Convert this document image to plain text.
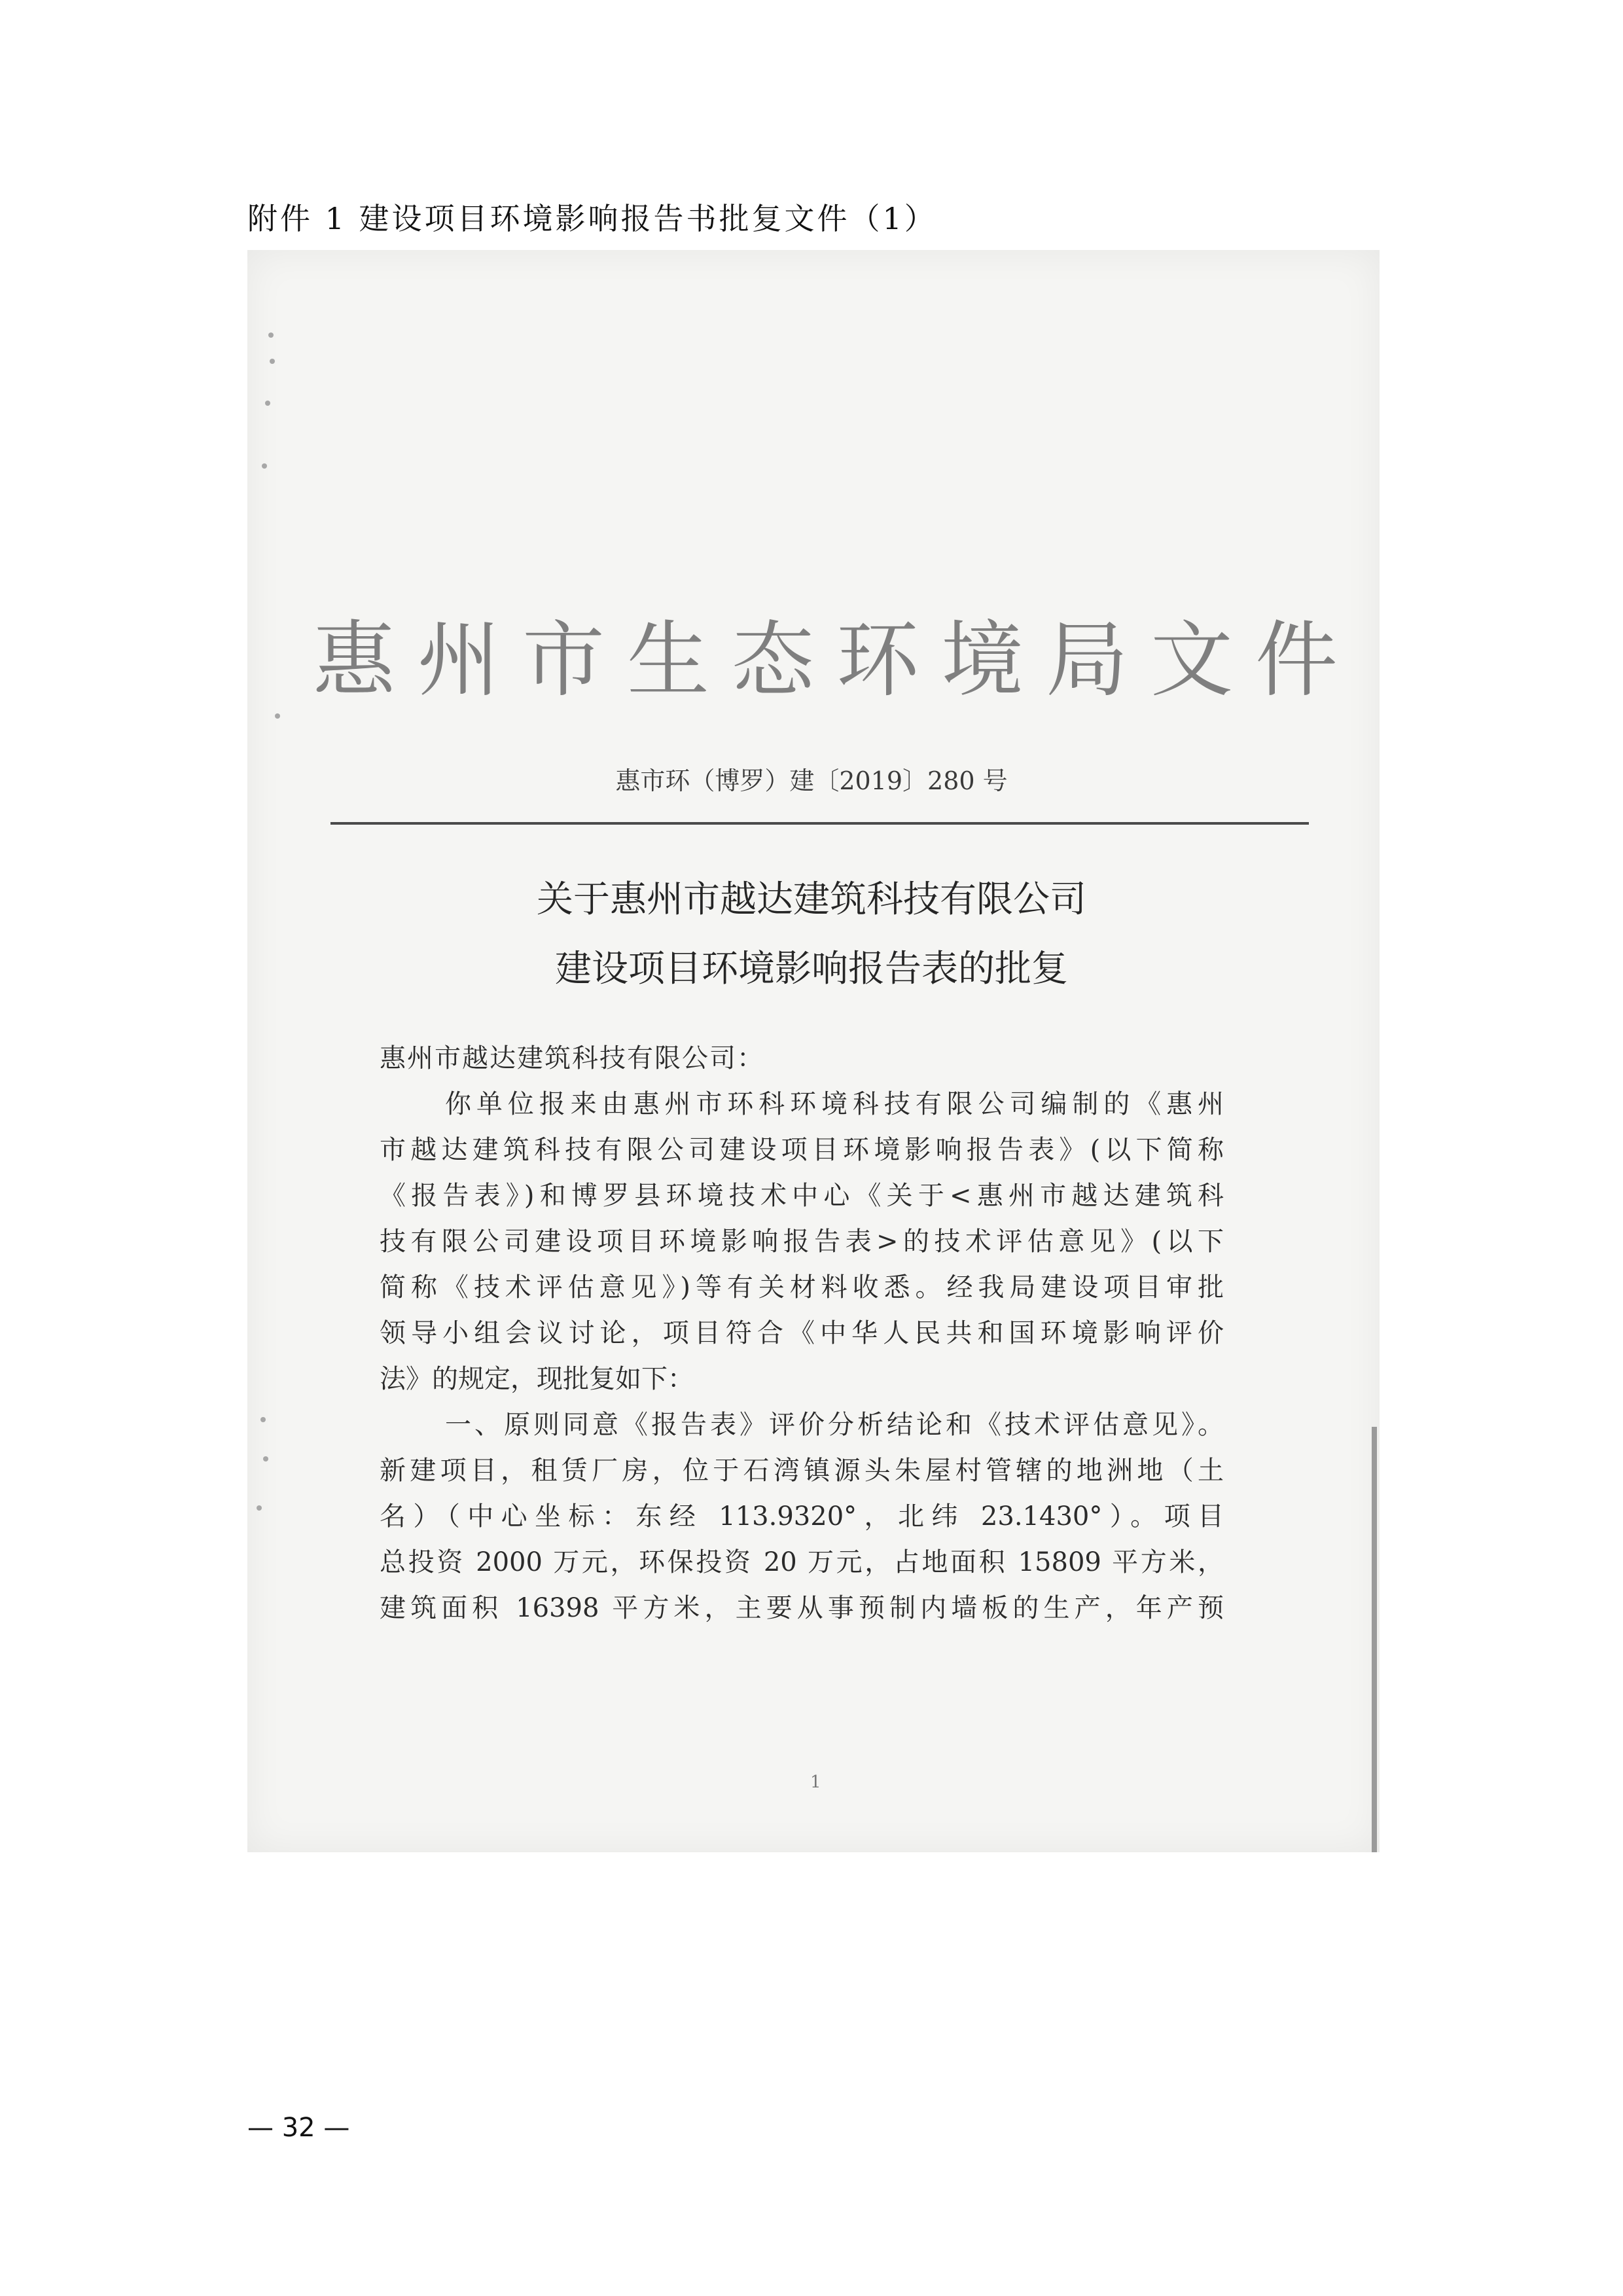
附件 1 建设项目环境影响报告书批复文件（1）
惠州市生态环境局文件
惠市环（博罗）建〔2019〕280 号
关于惠州市越达建筑科技有限公司
建设项目环境影响报告表的批复
惠州市越达建筑科技有限公司：
你单位报来由惠州市环科环境科技有限公司编制的《惠州
市越达建筑科技有限公司建设项目环境影响报告表》(以下简称
《报告表》)和博罗县环境技术中心《关于<惠州市越达建筑科
技有限公司建设项目环境影响报告表>的技术评估意见》(以下
简称《技术评估意见》)等有关材料收悉。经我局建设项目审批
领导小组会议讨论，项目符合《中华人民共和国环境影响评价
法》的规定，现批复如下：
一、原则同意《报告表》评价分析结论和《技术评估意见》。
新建项目，租赁厂房，位于石湾镇源头朱屋村管辖的地洲地（土
名）（中心坐标：东经 113.9320°，北纬 23.1430°）。项目
总投资 2000 万元，环保投资 20 万元，占地面积 15809 平方米，
建筑面积 16398 平方米，主要从事预制内墙板的生产，年产预
1
— 32 —
